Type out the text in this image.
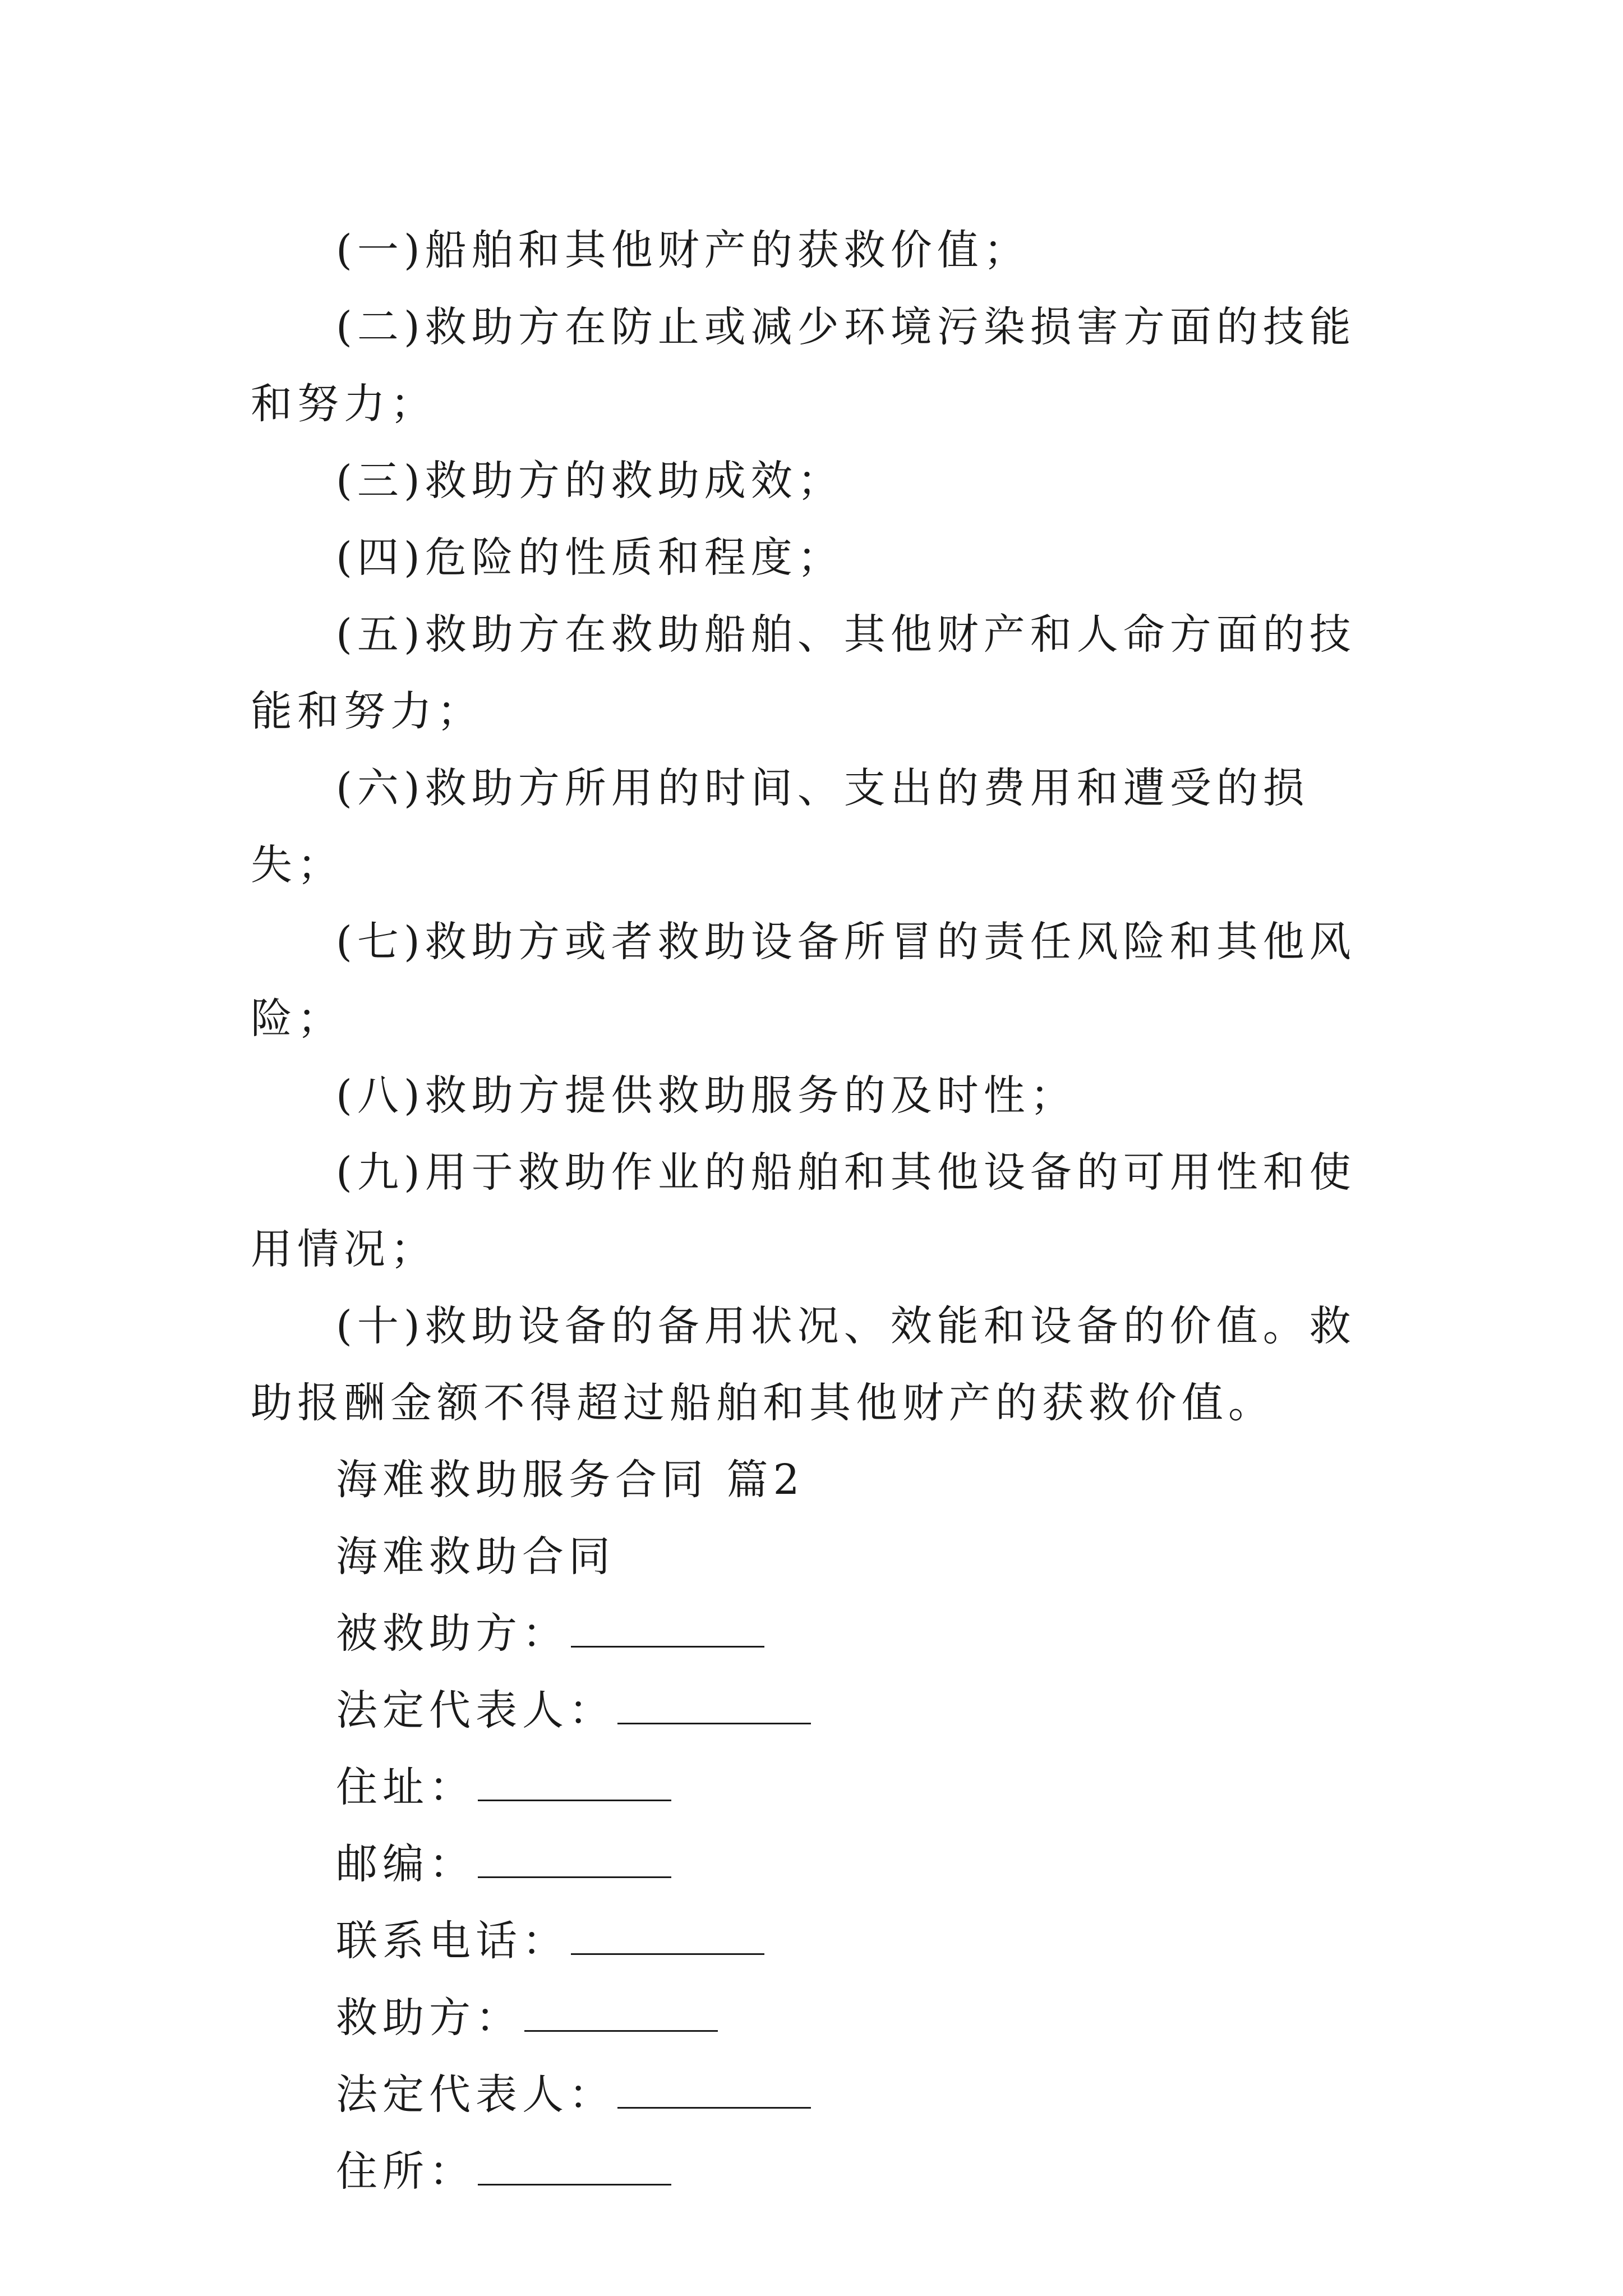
(一)船舶和其他财产的获救价值；

(二)救助方在防止或减少环境污染损害方面的技能和努力；

(三)救助方的救助成效；

(四)危险的性质和程度；

(五)救助方在救助船舶、其他财产和人命方面的技能和努力；

(六)救助方所用的时间、支出的费用和遭受的损失；

(七)救助方或者救助设备所冒的责任风险和其他风险；

(八)救助方提供救助服务的及时性；

(九)用于救助作业的船舶和其他设备的可用性和使用情况；

(十)救助设备的备用状况、效能和设备的价值。救助报酬金额不得超过船舶和其他财产的获救价值。

海难救助服务合同 篇2

海难救助合同

被救助方：

法定代表人：

住址：

邮编：

联系电话：

救助方：

法定代表人：

住所：
